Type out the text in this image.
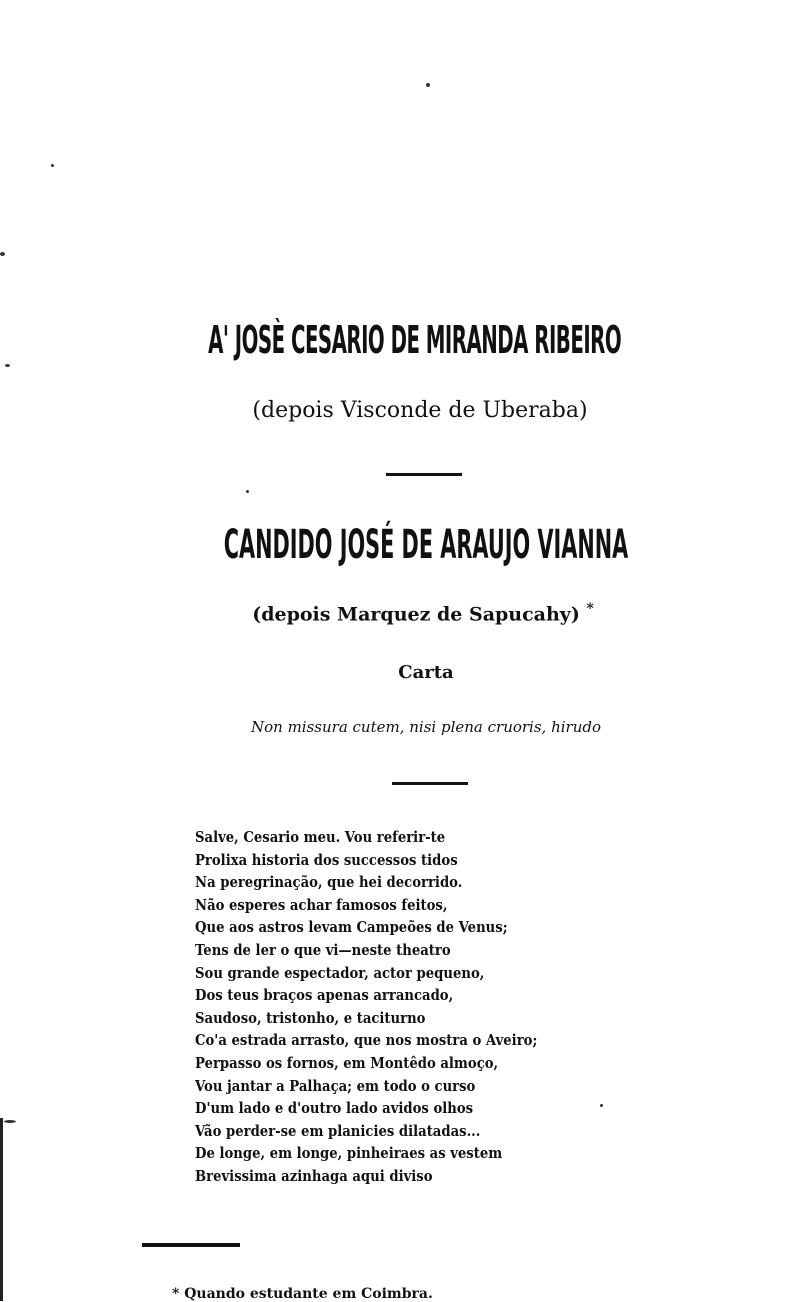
A' JOSÈ CESARIO DE MIRANDA RIBEIRO
(depois Visconde de Uberaba)
CANDIDO JOSÉ DE ARAUJO VIANNA
(depois Marquez de Sapucahy) *
Carta
Non missura cutem, nisi plena cruoris, hirudo
Salve, Cesario meu. Vou referir-te
Prolixa historia dos successos tidos
Na peregrinação, que hei decorrido.
Não esperes achar famosos feitos,
Que aos astros levam Campeões de Venus;
Tens de ler o que vi—neste theatro
Sou grande espectador, actor pequeno,
Dos teus braços apenas arrancado,
Saudoso, tristonho, e taciturno
Co'a estrada arrasto, que nos mostra o Aveiro;
Perpasso os fornos, em Montêdo almoço,
Vou jantar a Palhaça; em todo o curso
D'um lado e d'outro lado avidos olhos
Vão perder-se em planicies dilatadas...
De longe, em longe, pinheiraes as vestem
Brevissima azinhaga aqui diviso
* Quando estudante em Coimbra.
